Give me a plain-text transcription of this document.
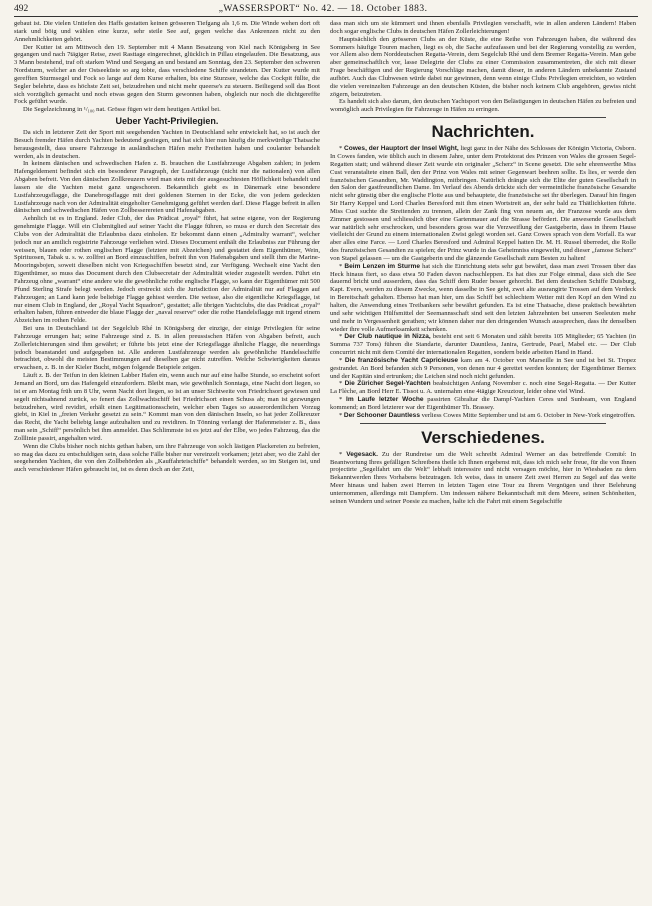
492	„WASSERSPORT“ No. 42. — 18. October 1883.

gebaut ist. Die vielen Untiefen des Haffs gestatten keinen grösseren Tiefgang als 1,6 m. Die Winde wehen dort oft stark und böig und wählen eine kurze, sehr steile See auf, gegen welche das Ankrenzen nicht zu den Annehmlichkeiten gehört.

Der Kutter ist am Mittwoch den 19. September mit 4 Mann Besatzung von Kiel nach Königsberg in See gegangen und nach 7tägiger Reise, zwei Rasttage eingerechnet, glücklich in Pillau eingelaufen. Die Besatzung, aus 3 Mann bestehend, traf oft starken Wind und Seegang an und bestand am Sonntag, den 23. September den schweren Nordsturm, welcher an der Ostseeküste so arg tobte, dass verschiedene Schiffe strandeten. Der Kutter wurde mit gerefften Sturmsegel und Fock so lange auf dem Kurse erhalten, bis eine Sturzsee, welche das Cockpit füllte, die Segler belehrte, dass es höchste Zeit sei, beizudrehen und nicht mehr queerse's zu steuern. Beiliegend soll das Boot sich vorzüglich gemacht und noch etwas gegen den Sturm gewonnen haben, obgleich nur noch die dichtgereffte Fock geführt wurde.

Die Segelzeichnung in ¹/₁₀₀ nat. Grösse fügen wir dem heutigen Artikel bei.

Ueber Yacht-Privilegien.

Da sich in letzterer Zeit der Sport mit seegehenden Yachten in Deutschland sehr entwickelt hat, so ist auch der Besuch fremder Häfen durch Yachten bedeutend gestiegen, und hat sich hier nun häufig die merkwürdige Thatsache herausgestellt, dass unsere Fahrzeuge in ausländischen Häfen mehr Freiheiten haben und coulanter behandelt werden, als in deutschen.

In keinem dänischen und schwedischen Hafen z. B. brauchen die Lustfahrzeuge Abgaben zahlen; in jedem Hafengeldement befindet sich ein besonderer Paragraph, der Lustfahrzeuge (nicht nur die nationalen) von allen Abgaben befreit. Von den dänischen Zollkreuzern wird man stets mit der ausgesuchtesten Höflichkeit behandelt und lassen sie die Yachten meist ganz ungeschoren. Bekanntlich giebt es in Dänemark eine besondere Lustfahrzeugsflagge, die Danebrogsflagge mit drei goldenen Sternen in der Ecke, die von jedem gedeckten Lustfahrzeuge nach von der Admiralität eingeholter Genehmigung geführt werden darf. Diese Flagge befreit in allen dänischen und schwedischen Häfen von Zollbesserereien und Hafenabgaben.

Aehnlich ist es in England. Jeder Club, der das Prädicat „royal“ führt, hat seine eigene, von der Regierung genehmigte Flagge. Will ein Clubmitglied auf seiner Yacht die Flagge führen, so muss er durch den Secretair des Clubs von der Admiralität die Erlaubniss dazu einholen. Er bekommt dann einen „Admiralty warrant“, welcher jedoch nur an amtlich registrirte Fahrzeuge verliehen wird. Dieses Document enthält die Erlaubniss zur Führung der weissen, blauen oder rothen englischen Flagge (letztere mit Abzeichen) und gestattet dem Eigenthümer, Wein, Spirituosen, Tabak u. s. w. zollfrei an Bord einzuschiffen, befreit ihn von Hafenabgaben und stellt ihm die Marine-Mooringsbojen, soweit dieselben nicht von Kriegsschiffen besetzt sind, zur Verfügung. Wechselt eine Yacht den Eigenthümer, so muss das Document durch den Clubsecretair der Admiralität wieder zugestellt werden. Führt ein Fahrzeug ohne „warrant“ eine andere wie die gewöhnliche rothe englische Flagge, so kann der Eigenthümer mit 500 Pfund Sterling Strafe belegt werden. Jedoch erstreckt sich die Jurisdiction der Admiralität nur auf Flaggen auf Fahrzeugen; an Land kann jede beliebige Flagge gehisst werden. Die weisse, also die eigentliche Kriegsflagge, ist nur einem Club in England, der „Royal Yacht Squadron“, gestattet; alle übrigen Yachtclubs, die das Prädicat „royal“ erhalten haben, führen entweder die blaue Flagge der „naval reserve“ oder die rothe Handelsflagge mit irgend einem Abzeichen im rothen Felde.

Bei uns in Deutschland ist der Segelclub Rhé in Königsberg der einzige, der einige Privilegien für seine Fahrzeuge errungen hat; seine Fahrzeuge sind z. B. in allen preussischen Häfen von Abgaben befreit, auch Zollerleichterungen sind ihm gewährt; er führte bis jetzt eine der Kriegsflagge ähnliche Flagge, die neuerdings jedoch beanstandet und aufgegeben ist. Alle anderen Lustfahrzeuge werden als gewöhnliche Handelsschiffe betrachtet, obwohl die meisten Bestimmungen auf dieselben gar nicht zutreffen. Welche Schwierigkeiten daraus erwachsen, z. B. in der Kieler Bucht, mögen folgende Beispiele zeigen.

Läuft z. B. der Teifun in den kleinen Labber Hafen ein, wenn auch nur auf eine halbe Stunde, so erscheint sofort Jemand an Bord, um das Hafengeld einzufordern. Bleibt man, wie gewöhnlich Sonntags, eine Nacht dort liegen, so ist er am Montag früh um 8 Uhr, wenn Nacht dort liegen, so ist an unser Sichtweite von Friedrichsort gewiesen und segelt nichtsahnend zurück, so fenert das Zollwachtschiff bei Friedrichsort einen Schuss ab; man ist gezwungen beizudrehen, wird revidirt, erhält einen Legitimationsschein, welcher eben Tages so ausserordentlichen Vorzug giebt, in Kiel in „freien Verkehr gesetzt zu sein.“ Kommt man von den dänischen Inseln, so hat jeder Zollkreuzer das Recht, die Yacht beliebig lange aufzuhalten und zu revidiren. In Tönning verlangt der Hafenmeister z. B., dass man sein „Schiff“ persönlich bei ihm anmeldet. Das Schlimmste ist es jetzt auf der Elbe, wo jedes Fahrzeug, das die Zolllinie passirt, angehalten wird.

Wenn die Clubs bisher noch nichts gethan haben, um ihre Fahrzeuge von solch lästigen Plackereien zu befreien, so mag das dazu zu entschuldigen sein, dass solche Fälle bisher nur vereinzelt vorkamen; jetzt aber, wo die Zahl der seegehenden Yachten, die von den Zollbehörden als „Kauffahrteischiffe“ behandelt werden, so im Steigen ist, und auch verschiedener Häfen gebraucht ist, ist es denn doch an der Zeit,

dass man sich um sie kümmert und ihnen ebenfalls Privilegien verschafft, wie in allen anderen Ländern! Haben doch sogar englische Clubs in deutschen Häfen Zollerleichterungen!

Hauptsächlich den grösseren Clubs an der Küste, die eine Reihe von Fahrzeugen haben, die während des Sommers häufige Touren machen, liegt es ob, die Sache aufzufassen und bei der Regierung vorstellig zu werden, vor Allem also dem Norddeutschen Regatta-Verein, dem Segelclub Rhé und dem Bremer Regatta-Verein. Man gebe aber gemeinschaftlich vor, lasse Delegirte der Clubs zu einer Commission zusammentreten, die sich mit dieser Frage beschäftigen und der Regierung Vorschläge machen, damit dieser, in anderen Ländern unbekannte Zustand aufhört. Auch das Clubwesen würde dabei nur gewinnen, denn wenn einige Clubs Privilegien erreichten, so würden die vielen vereinzelten Fahrzeuge an den deutschen Küsten, die bisher noch keinem Club angehören, gewiss nicht zögern, beizutreten.

Es handelt sich also darum, den deutschen Yachtsport von den Belästigungen in deutschen Häfen zu befreien und womöglich auch Privilegien für Fahrzeuge in Häfen zu erringen.

Nachrichten.

* Cowes, der Hauptort der Insel Wight, liegt ganz in der Nähe des Schlosses der Königin Victoria, Osborn. In Cowes fanden, wie üblich auch in diesem Jahre, unter dem Protektorat des Prinzen von Wales die grossen Segel-Regatten statt; und während dieser Zeit wurde ein originaler „Scherz“ in Scene gesetzt. Die sehr ehrenwerthe Miss Cust veranstaltete einen Ball, den der Prinz von Wales mit seiner Gegenwart beehren sollte. Es lies, er werde den französischen Gesandten, Mr. Waddington, mitbringen. Natürlich drängte sich die Elite der guten Gesellschaft in den Salon der gastfreundlichen Dame. Im Verlauf des Abends drückte sich der vermeintliche französische Gesandte nicht sehr günstig über die englische Flotte aus und behauptete, die französische sei ihr überlegen. Darauf hin fingen Sir Harry Keppel und Lord Charles Beresford mit ihm einen Wortstreit an, der sehr bald zu Thätlichkeiten führte. Miss Cust suchte die Streitenden zu trennen, allein der Zank fing von neuem an, der Franzose wurde aus dem Zimmer gestossen und schliesslich über eine Gartenmauer auf die Strasse befördert. Die anwesende Gesellschaft war natürlich sehr erschrocken, und besonders gross war die Verzweiflung der Gastgeberin, dass in ihrem Hause vielleicht der Grund zu einem internationalen Zwist gelegt worden sei. Ganz Cowes sprach von dem Vorfall. Es war aber alles eine Farce. — Lord Charles Beresford und Admiral Keppel hatten Dr. M. H. Russel überredet, die Rolle des französischen Gesandten zu spielen; der Prinz wurde in das Geheimniss eingeweiht, und dieser „famose Scherz“ von Stapel gelassen — um die Gastgeberin und die glänzende Gesellschaft zum Besten zu halten!

* Beim Lenzen im Sturme hat sich die Einrichtung stets sehr gut bewährt, dass man zwei Trossen über das Heck hinaus fiert, so dass etwa 50 Faden davon nachschleppen. Es hat dies zur Folge einmal, dass sich die See dauernd bricht und ausserdem, dass das Schiff dem Ruder besser gehorcht. Bei dem deutschen Schiffe Duisburg, Kapt. Evers, werden zu diesem Zwecke, wenn dasselbe in See geht, zwei alte ausrangirte Trossen auf dem Verdeck in Bereitschaft gehalten. Ebenso hat man hier, um das Schiff bei schlechtem Wetter mit den Kopf an den Wind zu halten, die Anwendung eines Treibankers sehr bewährt gefunden. Es ist eine Thatsache, diese praktisch bewährten und sehr wichtigen Hülfsmittel der Seemannsschaft sind seit den letzten Jahrzehnten bei unseren Seeleuten mehr und mehr in Vergessenheit gerathen; wir können daher nur den dringenden Wunsch aussprechen, dass ihr denselben wieder ihre volle Aufmerksamkeit schenken.

* Der Club nautique in Nizza, besteht erst seit 6 Monaten und zählt bereits 105 Mitglieder; 65 Yachten (in Summa 737 Tons) führen die Standarte, darunter Dauntless, Janira, Gertrude, Pearl, Mabel etc. — Der Club concurrirt nicht mit dem Comité der internationalen Regatten, sondern beide arbeiten Hand in Hand.

* Die französische Yacht Capricieuse kam am 4. October von Marseille in See und ist bei St. Tropez gestrandet. An Bord befanden sich 9 Personen, von denen nur 4 gerettet werden konnten; der Eigenthümer Bernex und der Kapitän sind ertrunken; die Leichen sind noch nicht gefunden.

* Die Züricher Segel-Yachten beabsichtigen Anfang November c. noch eine Segel-Regatta. — Der Kutter La Flèche, an Bord Herr E. Tissot u. A. unternahm eine 4tägige Kreuztour, leider ohne viel Wind.

* Im Laufe letzter Woche passirten Gibraltar die Dampf-Yachten Ceres und Sunbeam, von England kommend; an Bord letzterer war der Eigenthümer Th. Brassey.

* Der Schooner Dauntless verliess Cowes Mitte September und ist am 6. October in New-York eingetroffen.

Verschiedenes.

* Vegesack. Zu der Rundreise um die Welt schreibt Admiral Werner an das betreffende Comité: In Beantwortung Ihres gefälligen Schreibens theile ich Ihnen ergebenst mit, dass ich mich sehr freue, für die von Ihnen projectirte „Segelfahrt um die Welt“ lebhaft interessire und nicht versagen möchte, hier in Wiesbaden zu dem Bekanntwerden Ihres Vorhabens beizutragen. Ich weiss, dass in unsere Zeit zwei Herren zu Segel auf das weite Meer hinaus und haben zwei Herren in letzten Tagen eine Tour zu Ihrem Vergnügen und ihrer Belehrung unternommen, allerdings mit Dampfern. Um indessen nähere Bekanntschaft mit dem Meere, seinen Schönheiten, seinen Wundern und seiner Poesie zu machen, halte ich die Fahrt mit einem Segelschiffe
